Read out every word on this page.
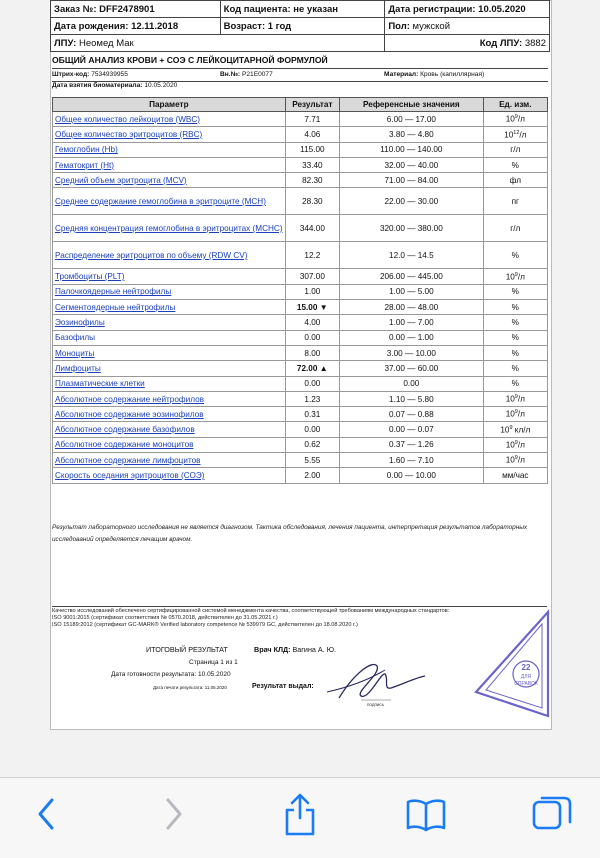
Заказ №: DFF2478901	Код пациента: не указан	Дата регистрации: 10.05.2020
Дата рождения: 12.11.2018	Возраст: 1 год	Пол: мужской
ЛПУ: Неомед Мак		Код ЛПУ: 3882
ОБЩИЙ АНАЛИЗ КРОВИ + СОЭ С ЛЕЙКОЦИТАРНОЙ ФОРМУЛОЙ
Штрих-код: 7534939955	Вн.№: P21E0077	Материал: Кровь (капиллярная)
Дата взятия биоматериала: 10.05.2020
Параметр	Результат	Референсные значения	Ед. изм.
Общее количество лейкоцитов (WBC)	7.71	6.00 — 17.00	$10^9/л$
Общее количество эритроцитов (RBC)	4.06	3.80 — 4.80	$10^{12}/л$
Гемоглобин (Hb)	115.00	110.00 — 140.00	г/л
Гематокрит (Ht)	33.40	32.00 — 40.00	%
Средний объем эритроцита (MCV)	82.30	71.00 — 84.00	фл
Среднее содержание гемоглобина в эритроците (MCH)	28.30	22.00 — 30.00	пг
Средняя концентрация гемоглобина в эритроцитах (MCHC)	344.00	320.00 — 380.00	г/л
Распределение эритроцитов по объему (RDW CV)	12.2	12.0 — 14.5	%
Тромбоциты (PLT)	307.00	206.00 — 445.00	$10^9/л$
Палочкоядерные нейтрофилы	1.00	1.00 — 5.00	%
Сегментоядерные нейтрофилы	15.00 ▼	28.00 — 48.00	%
Эозинофилы	4.00	1.00 — 7.00	%
Базофилы	0.00	0.00 — 1.00	%
Моноциты	8.00	3.00 — 10.00	%
Лимфоциты	72.00 ▲	37.00 — 60.00	%
Плазматические клетки	0.00	0.00	%
Абсолютное содержание нейтрофилов	1.23	1.10 — 5.80	$10^9/л$
Абсолютное содержание эозинофилов	0.31	0.07 — 0.88	$10^9/л$
Абсолютное содержание базофилов	0.00	0.00 — 0.07	$10^9$ кл/л
Абсолютное содержание моноцитов	0.62	0.37 — 1.26	$10^9/л$
Абсолютное содержание лимфоцитов	5.55	1.60 — 7.10	$10^9/л$
Скорость оседания эритроцитов (СОЭ)	2.00	0.00 — 10.00	мм/час
Результат лабораторного исследования не является диагнозом. Тактика обследования, лечения пациента, интерпретация результатов лабораторных исследований определяется лечащим врачом.
Качество исследований обеспечено сертифицированной системой менеджмента качества, соответствующей требованиям международных стандартов:
ISO 9001:2015 (сертификат соответствия № 0570.2018, действителен до 31.05.2021 г.)
ISO 15189:2012 (сертификат GC-MARK® Verified laboratory competence № 539979 GC, действителен до 18.08.2020 г.)
ИТОГОВЫЙ РЕЗУЛЬТАТ	Врач КЛД: Вагина А. Ю.
Страница 1 из 1
Дата готовности результата: 10.05.2020
Дата печати результата: 11.05.2020	Результат выдал:
подпись
22
ДЛЯ
СПРАВОК
